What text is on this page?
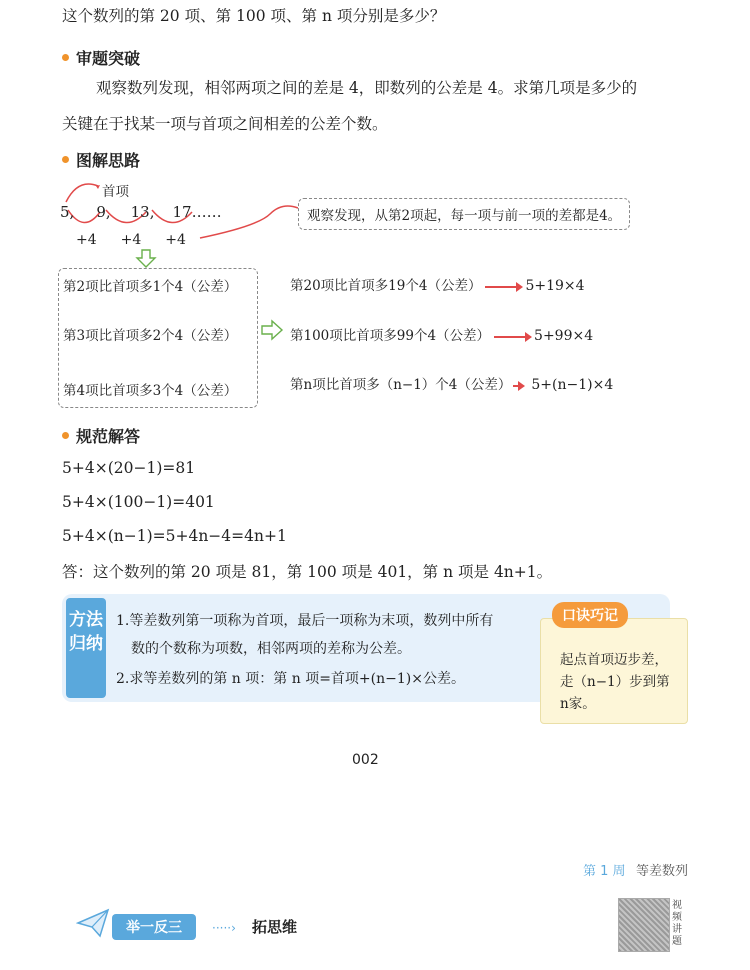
这个数列的第 20 项、第 100 项、第 n 项分别是多少？
审题突破
观察数列发现，相邻两项之间的差是 4，即数列的公差是 4。求第几项是多少的
关键在于找某一项与首项之间相差的公差个数。
图解思路
首项
5, 9, 13, 17……
+4 +4 +4
观察发现，从第2项起，每一项与前一项的差都是4。
第2项比首项多1个4（公差）
第3项比首项多2个4（公差）
第4项比首项多3个4（公差）
第20项比首项多19个4（公差）	5+19×4
第100项比首项多99个4（公差）	5+99×4
第n项比首项多（n−1）个4（公差） 5+(n−1)×4
规范解答
5+4×(20−1)=81
5+4×(100−1)=401
5+4×(n−1)=5+4n−4=4n+1
答：这个数列的第 20 项是 81，第 100 项是 401，第 n 项是 4n+1。
方法归纳
1.等差数列第一项称为首项，最后一项称为末项，数列中所有
数的个数称为项数，相邻两项的差称为公差。
2.求等差数列的第 n 项：第 n 项=首项+(n−1)×公差。
口诀巧记
起点首项迈步差，
走（n−1）步到第
n家。
002
第 1 周 等差数列
举一反三	·····› 拓思维
视频讲题
